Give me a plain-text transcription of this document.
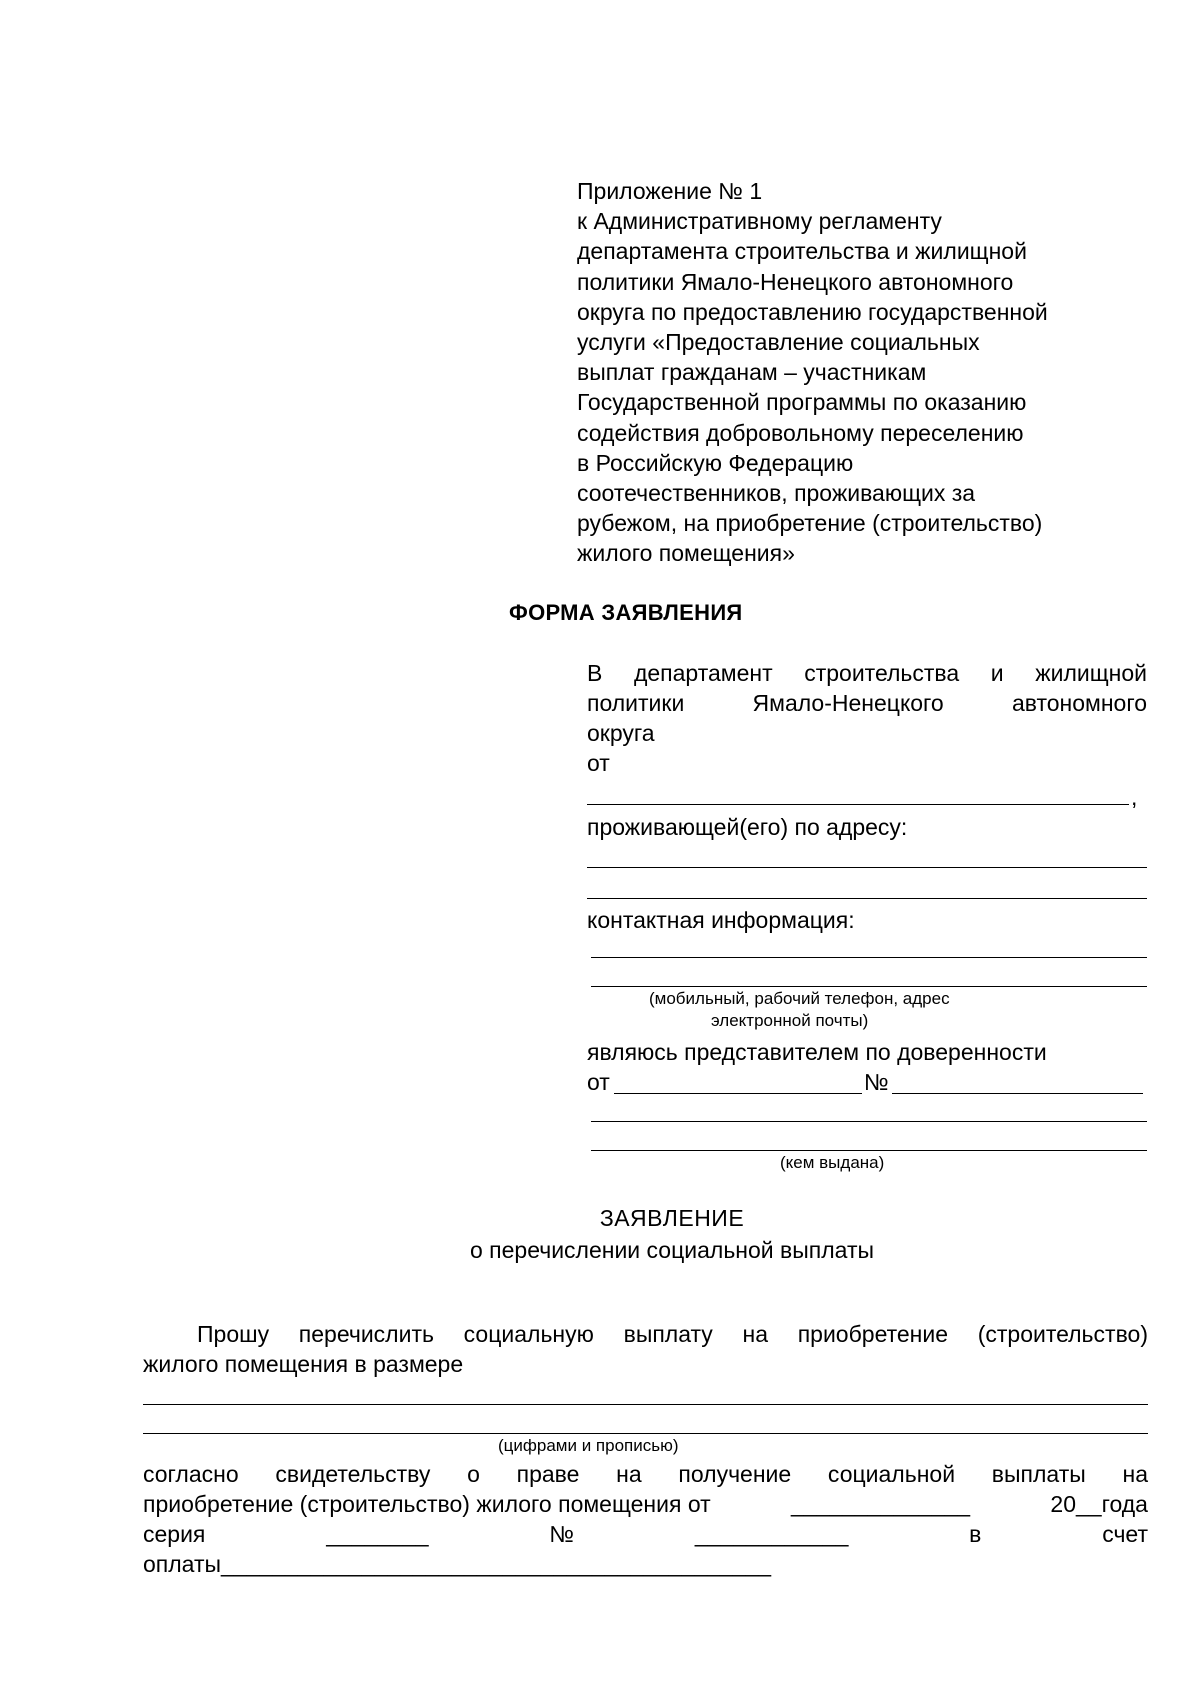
Приложение № 1
к Административному регламенту
департамента строительства и жилищной
политики Ямало-Ненецкого автономного
округа по предоставлению государственной
услуги «Предоставление социальных
выплат гражданам – участникам
Государственной программы по оказанию
содействия добровольному переселению
в Российскую Федерацию
соотечественников, проживающих за
рубежом, на приобретение (строительство)
жилого помещения»
ФОРМА ЗАЯВЛЕНИЯ
В департамент строительства и жилищной
политики Ямало-Ненецкого автономного
округа
от
,
проживающей(его) по адресу:
контактная информация:
(мобильный, рабочий телефон, адрес
электронной почты)
являюсь представителем по доверенности
от	№
(кем выдана)
ЗАЯВЛЕНИЕ
о перечислении социальной выплаты
Прошу перечислить социальную выплату на приобретение (строительство)
жилого помещения в размере
(цифрами и прописью)
согласно свидетельству о праве на получение социальной выплаты на
приобретение (строительство) жилого помещения от	______________	20__года
серия	________	№	____________	в	счет
оплаты___________________________________________
